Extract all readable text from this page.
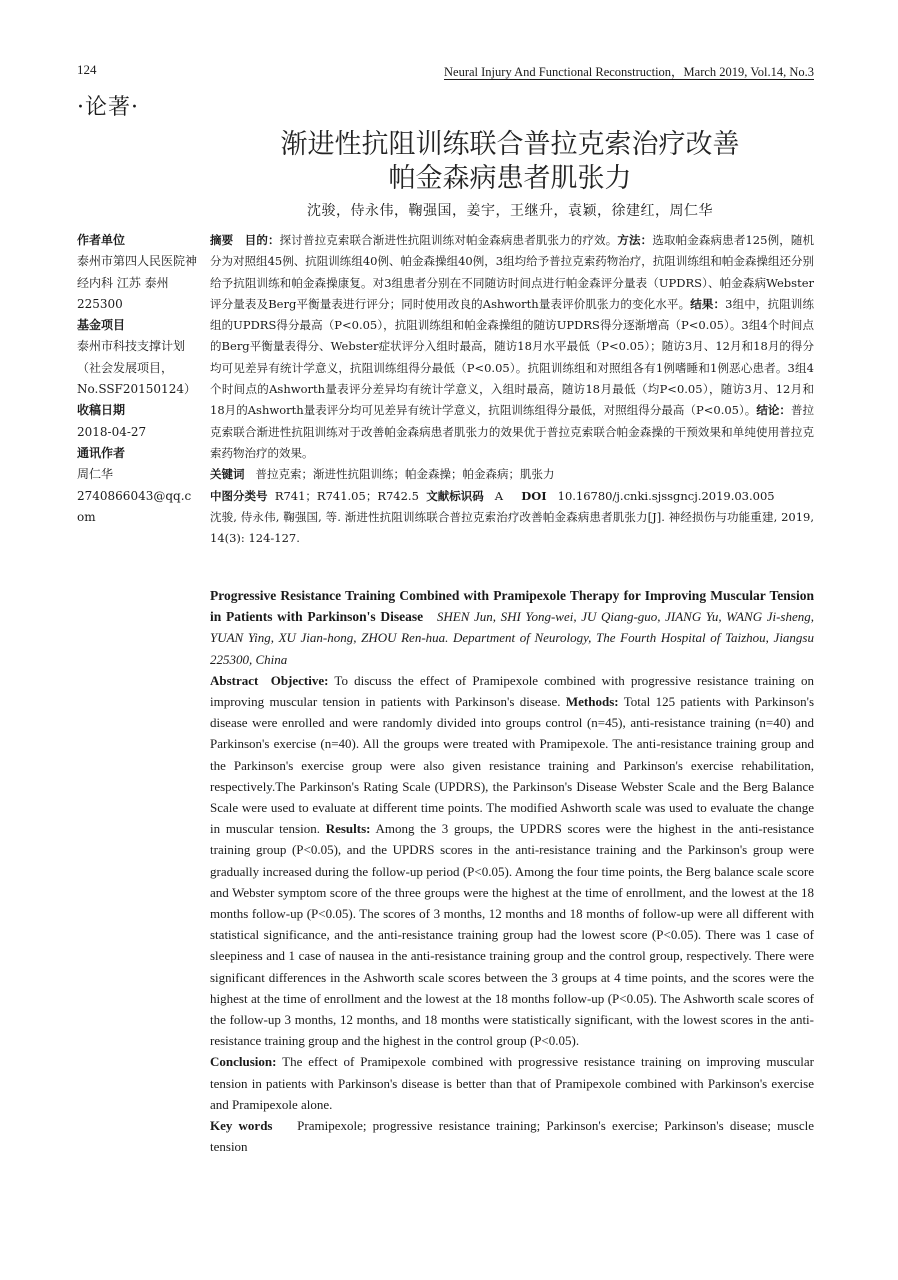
124	Neural Injury And Functional Reconstruction，March 2019, Vol.14, No.3
·论著·
渐进性抗阻训练联合普拉克索治疗改善
帕金森病患者肌张力
沈骏，侍永伟，鞠强国，姜宇，王继升，袁颖，徐建红，周仁华
作者单位
泰州市第四人民医院神经内科 江苏 泰州 225300
基金项目
泰州市科技支撑计划（社会发展项目，No.SSF20150124）
收稿日期
2018-04-27
通讯作者
周仁华
2740866043@qq.com

摘要 目的：探讨普拉克索联合渐进性抗阻训练对帕金森病患者肌张力的疗效。方法：选取帕金森病患者125例，随机分为对照组45例、抗阻训练组40例、帕金森操组40例，3组均给予普拉克索药物治疗，抗阻训练组和帕金森操组还分别给予抗阻训练和帕金森操康复。对3组患者分别在不同随访时间点进行帕金森评分量表（UPDRS）、帕金森病Webster评分量表及Berg平衡量表进行评分；同时使用改良的Ashworth量表评价肌张力的变化水平。结果：3组中，抗阻训练组的UPDRS得分最高（P<0.05），抗阻训练组和帕金森操组的随访UPDRS得分逐渐增高（P<0.05）。3组4个时间点的Berg平衡量表得分、Webster症状评分入组时最高，随访18月水平最低（P<0.05）；随访3月、12月和18月的得分均可见差异有统计学意义，抗阻训练组得分最低（P<0.05）。抗阻训练组和对照组各有1例嗜睡和1例恶心患者。3组4个时间点的Ashworth量表评分差异均有统计学意义，入组时最高，随访18月最低（均P<0.05），随访3月、12月和18月的Ashworth量表评分均可见差异有统计学意义，抗阻训练组得分最低，对照组得分最高（P<0.05）。结论：普拉克索联合渐进性抗阻训练对于改善帕金森病患者肌张力的效果优于普拉克索联合帕金森操的干预效果和单纯使用普拉克索药物治疗的效果。

关键词 普拉克索；渐进性抗阻训练；帕金森操；帕金森病；肌张力

中图分类号 R741；R741.05；R742.5 文献标识码 A DOI 10.16780/j.cnki.sjssgncj.2019.03.005

沈骏, 侍永伟, 鞠强国, 等. 渐进性抗阻训练联合普拉克索治疗改善帕金森病患者肌张力[J]. 神经损伤与功能重建, 2019, 14(3): 124-127.

Progressive Resistance Training Combined with Pramipexole Therapy for Improving Muscular Tension in Patients with Parkinson's Disease SHEN Jun, SHI Yong-wei, JU Qiang-guo, JIANG Yu, WANG Ji-sheng, YUAN Ying, XU Jian-hong, ZHOU Ren-hua. Department of Neurology, The Fourth Hospital of Taizhou, Jiangsu 225300, China

Abstract Objective: To discuss the effect of Pramipexole combined with progressive resistance training on improving muscular tension in patients with Parkinson's disease. Methods: Total 125 patients with Parkinson's disease were enrolled and were randomly divided into groups control (n=45), anti-resistance training (n=40) and Parkinson's exercise (n=40). All the groups were treated with Pramipexole. The anti-resistance training group and the Parkinson's exercise group were also given resistance training and Parkinson's exercise rehabilitation, respectively.The Parkinson's Rating Scale (UPDRS), the Parkinson's Disease Webster Scale and the Berg Balance Scale were used to evaluate at different time points. The modified Ashworth scale was used to evaluate the change in muscular tension. Results: Among the 3 groups, the UPDRS scores were the highest in the anti-resistance training group (P<0.05), and the UPDRS scores in the anti-resistance training and the Parkinson's group were gradually increased during the follow-up period (P<0.05). Among the four time points, the Berg balance scale score and Webster symptom score of the three groups were the highest at the time of enrollment, and the lowest at the 18 months follow-up (P<0.05). The scores of 3 months, 12 months and 18 months of follow-up were all different with statistical significance, and the anti-resistance training group had the lowest score (P<0.05). There was 1 case of sleepiness and 1 case of nausea in the anti-resistance training group and the control group, respectively. There were significant differences in the Ashworth scale scores between the 3 groups at 4 time points, and the scores were the highest at the time of enrollment and the lowest at the 18 months follow-up (P<0.05). The Ashworth scale scores of the follow-up 3 months, 12 months, and 18 months were statistically significant, with the lowest scores in the anti-resistance training group and the highest in the control group (P<0.05).

Conclusion: The effect of Pramipexole combined with progressive resistance training on improving muscular tension in patients with Parkinson's disease is better than that of Pramipexole combined with Parkinson's exercise and Pramipexole alone.

Key words Pramipexole; progressive resistance training; Parkinson's exercise; Parkinson's disease; muscle tension
